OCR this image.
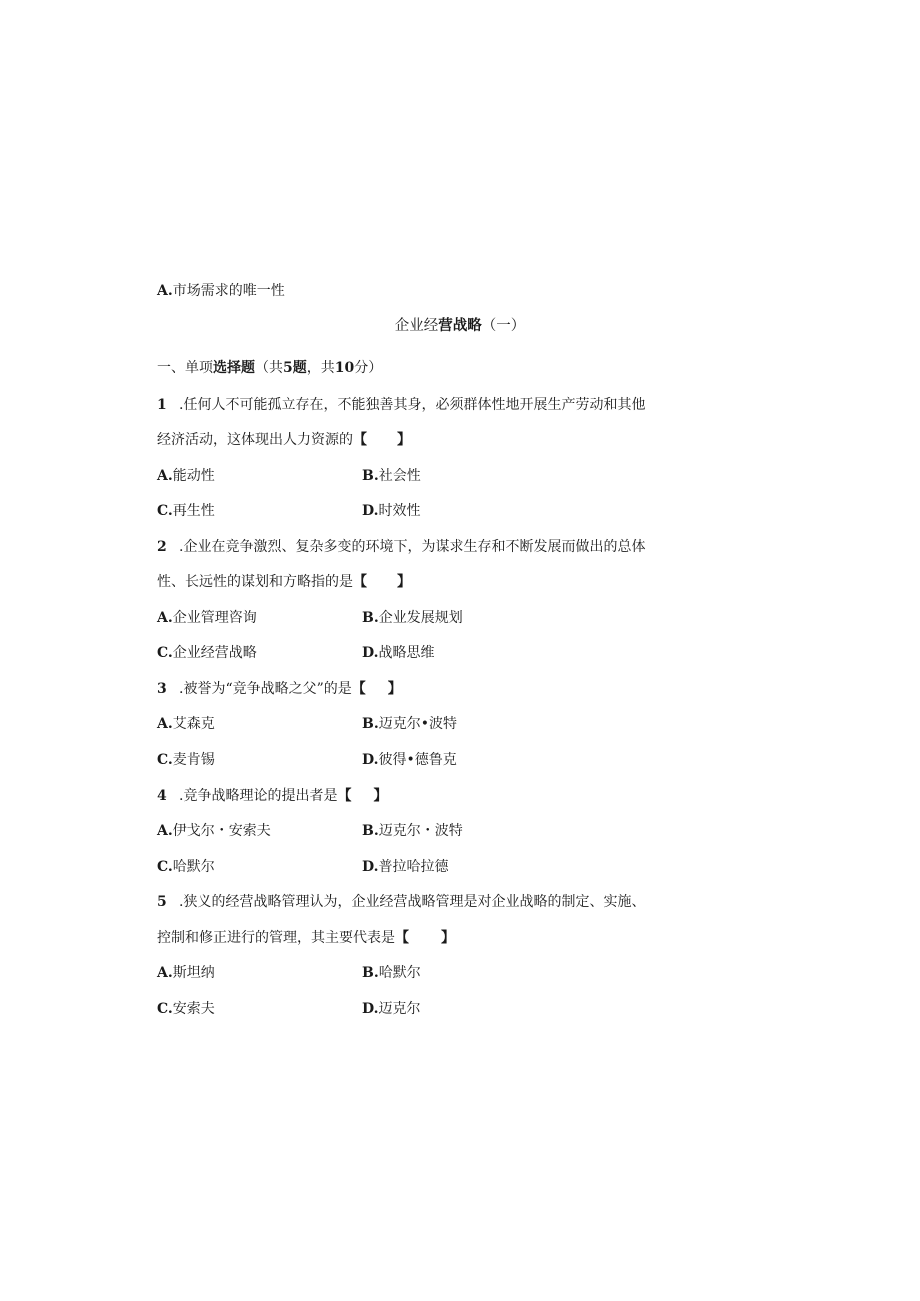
A.市场需求的唯一性
企业经营战略（一）
一、单项选择题（共5题，共10分）
1 .任何人不可能孤立存在，不能独善其身，必须群体性地开展生产劳动和其他
经济活动，这体现出人力资源的【 】
A.能动性	B.社会性
C.再生性	D.时效性
2 .企业在竞争激烈、复杂多变的环境下，为谋求生存和不断发展而做出的总体
性、长远性的谋划和方略指的是【 】
A.企业管理咨询	B.企业发展规划
C.企业经营战略	D.战略思维
3 .被誉为“竞争战略之父”的是【 】
A.艾森克	B.迈克尔•波特
C.麦肯锡	D.彼得•德鲁克
4 .竞争战略理论的提出者是【 】
A.伊戈尔・安索夫	B.迈克尔・波特
C.哈默尔	D.普拉哈拉德
5 .狭义的经营战略管理认为，企业经营战略管理是对企业战略的制定、实施、
控制和修正进行的管理，其主要代表是【 】
A.斯坦纳	B.哈默尔
C.安索夫	D.迈克尔
